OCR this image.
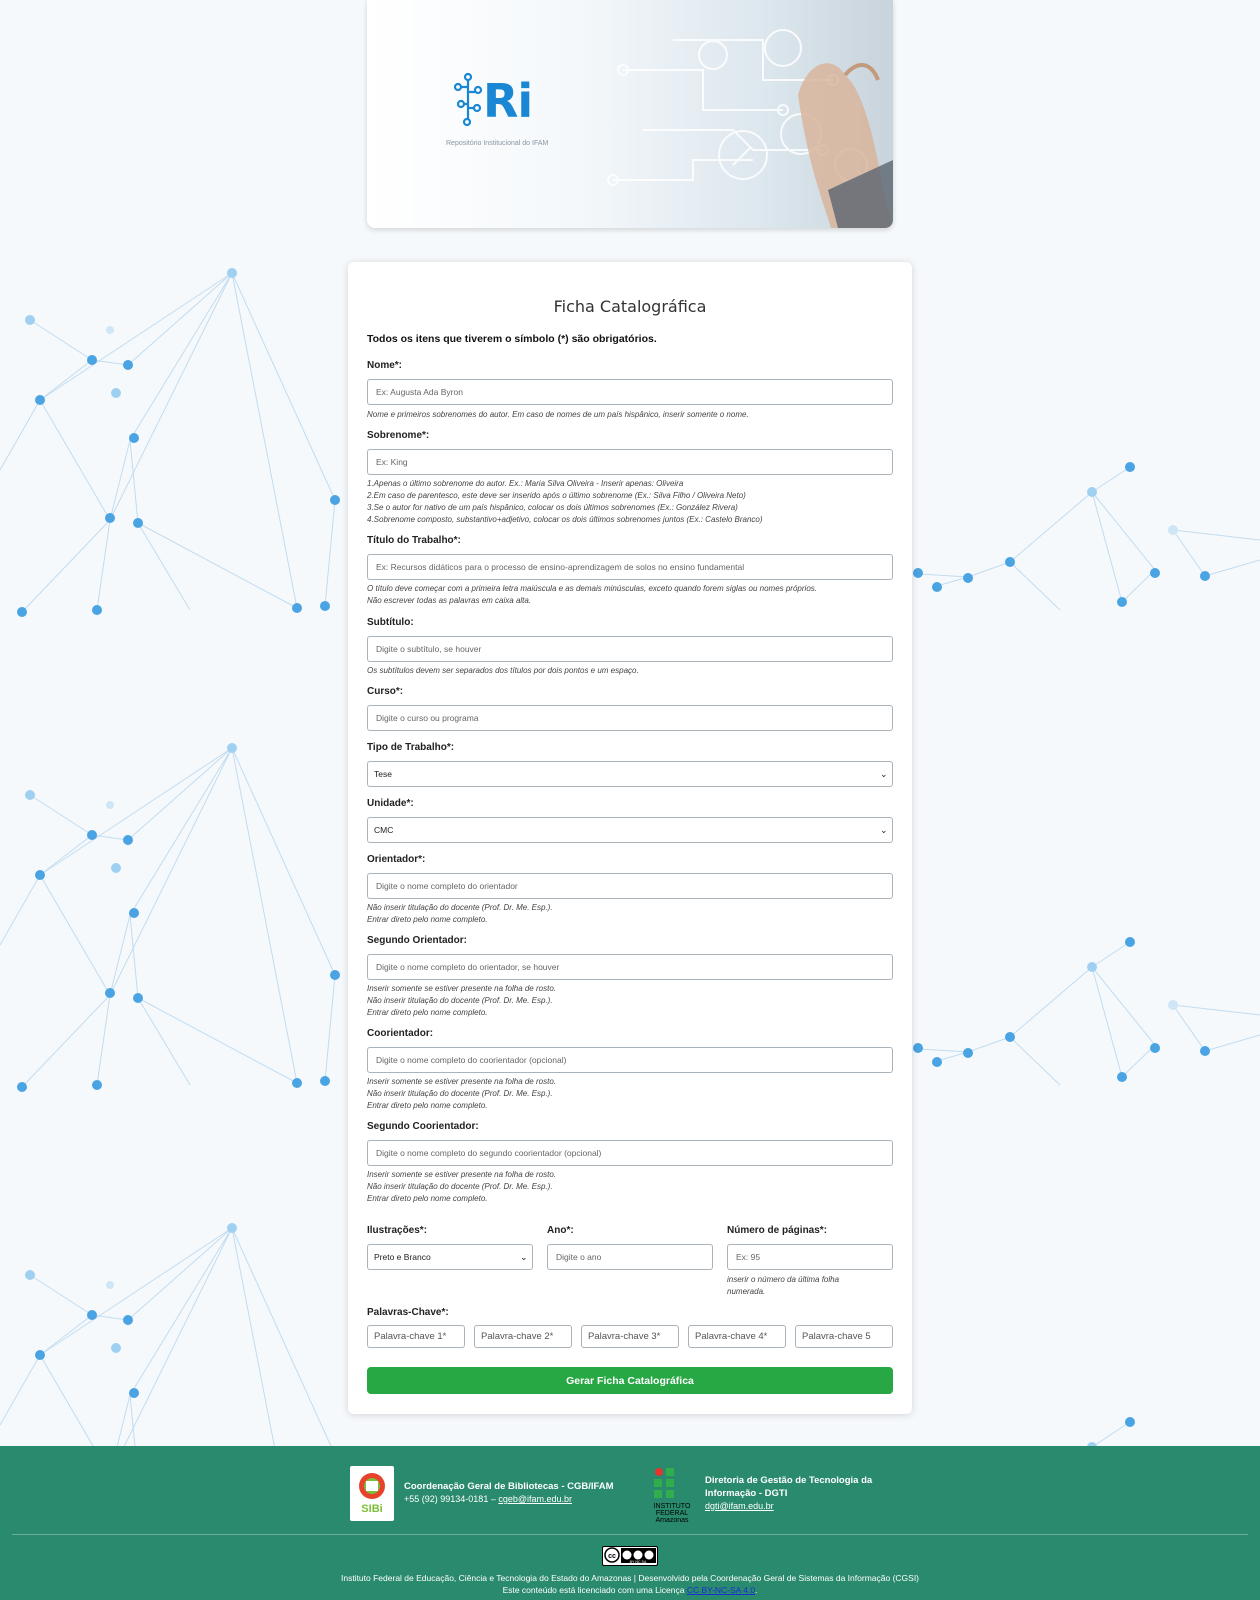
Ri
Repositório Institucional do IFAM
Ficha Catalográfica
Todos os itens que tiverem o símbolo (*) são obrigatórios.
Nome*:
Ex: Augusta Ada Byron
Nome e primeiros sobrenomes do autor. Em caso de nomes de um país hispânico, inserir somente o nome.
Sobrenome*:
Ex: King
1.Apenas o último sobrenome do autor. Ex.: Maria Silva Oliveira - Inserir apenas: Oliveira
2.Em caso de parentesco, este deve ser inserido após o último sobrenome (Ex.: Silva Filho / Oliveira Neto)
3.Se o autor for nativo de um país hispânico, colocar os dois últimos sobrenomes (Ex.: González Rivera)
4.Sobrenome composto, substantivo+adjetivo, colocar os dois últimos sobrenomes juntos (Ex.: Castelo Branco)
Título do Trabalho*:
Ex: Recursos didáticos para o processo de ensino-aprendizagem de solos no ensino fundamental
O título deve começar com a primeira letra maiúscula e as demais minúsculas, exceto quando forem siglas ou nomes próprios.
Não escrever todas as palavras em caixa alta.
Subtítulo:
Digite o subtítulo, se houver
Os subtítulos devem ser separados dos títulos por dois pontos e um espaço.
Curso*:
Digite o curso ou programa
Tipo de Trabalho*:
Tese
⌄
Unidade*:
CMC
⌄
Orientador*:
Digite o nome completo do orientador
Não inserir titulação do docente (Prof. Dr. Me. Esp.).
Entrar direto pelo nome completo.
Segundo Orientador:
Digite o nome completo do orientador, se houver
Inserir somente se estiver presente na folha de rosto.
Não inserir titulação do docente (Prof. Dr. Me. Esp.).
Entrar direto pelo nome completo.
Coorientador:
Digite o nome completo do coorientador (opcional)
Inserir somente se estiver presente na folha de rosto.
Não inserir titulação do docente (Prof. Dr. Me. Esp.).
Entrar direto pelo nome completo.
Segundo Coorientador:
Digite o nome completo do segundo coorientador (opcional)
Inserir somente se estiver presente na folha de rosto.
Não inserir titulação do docente (Prof. Dr. Me. Esp.).
Entrar direto pelo nome completo.
Ilustrações*:
Preto e Branco
⌄
Ano*:
Digite o ano	Número de páginas*:
Ex: 95
inserir o número da última folha
numerada.
Palavras-Chave*:
Palavra-chave 1*
Palavra-chave 2*
Palavra-chave 3*
Palavra-chave 4*
Palavra-chave 5
Gerar Ficha Catalográfica
SIBi
Coordenação Geral de Bibliotecas - CGB/IFAM
+55 (92) 99134-0181 – cgeb@ifam.edu.br
INSTITUTO
FEDERAL
Amazonas
Diretoria de Gestão de Tecnologia da
Informação - DGTI
dgti@ifam.edu.br
cc
BY NC SA
Instituto Federal de Educação, Ciência e Tecnologia do Estado do Amazonas | Desenvolvido pela Coordenação Geral de Sistemas da Informação (CGSI)
Este conteúdo está licenciado com uma Licença CC BY-NC-SA 4.0.
